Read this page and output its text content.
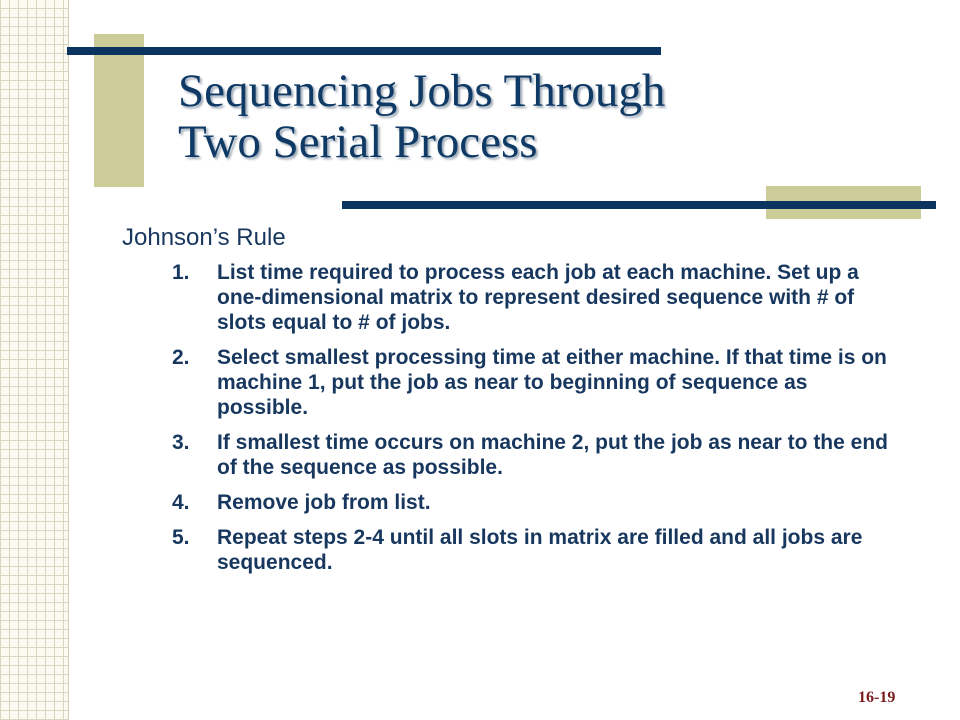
Sequencing Jobs Through
Two Serial Process
Johnson’s Rule
1.	List time required to process each job at each machine. Set up a one-dimensional matrix to represent desired sequence with # of slots equal to # of jobs.
2.	Select smallest processing time at either machine. If that time is on machine 1, put the job as near to beginning of sequence as possible.
3.	If smallest time occurs on machine 2, put the job as near to the end of the sequence as possible.
4.	Remove job from list.
5.	Repeat steps 2-4 until all slots in matrix are filled and all jobs are sequenced.
16-19
